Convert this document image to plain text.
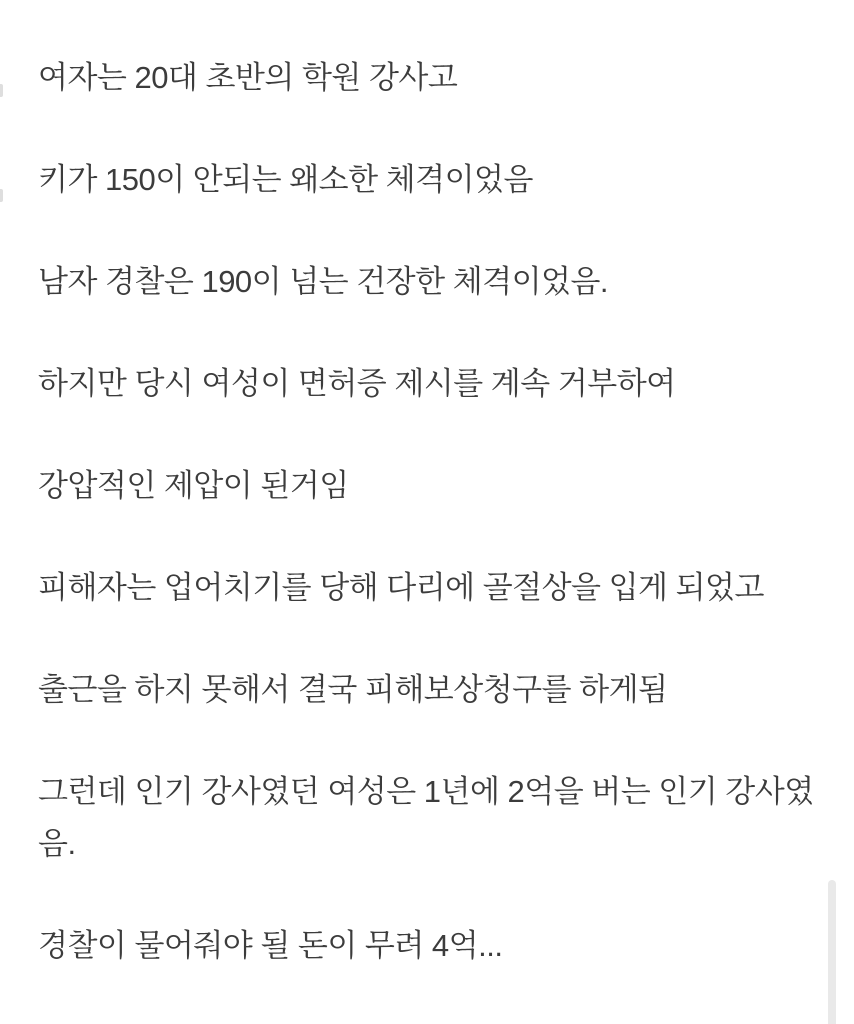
여자는 20대 초반의 학원 강사고

키가 150이 안되는 왜소한 체격이었음

남자 경찰은 190이 넘는 건장한 체격이었음.

하지만 당시 여성이 면허증 제시를 계속 거부하여

강압적인 제압이 된거임

피해자는 업어치기를 당해 다리에 골절상을 입게 되었고

출근을 하지 못해서 결국 피해보상청구를 하게됨

그런데 인기 강사였던 여성은 1년에 2억을 버는 인기 강사였음.

경찰이 물어줘야 될 돈이 무려 4억...
